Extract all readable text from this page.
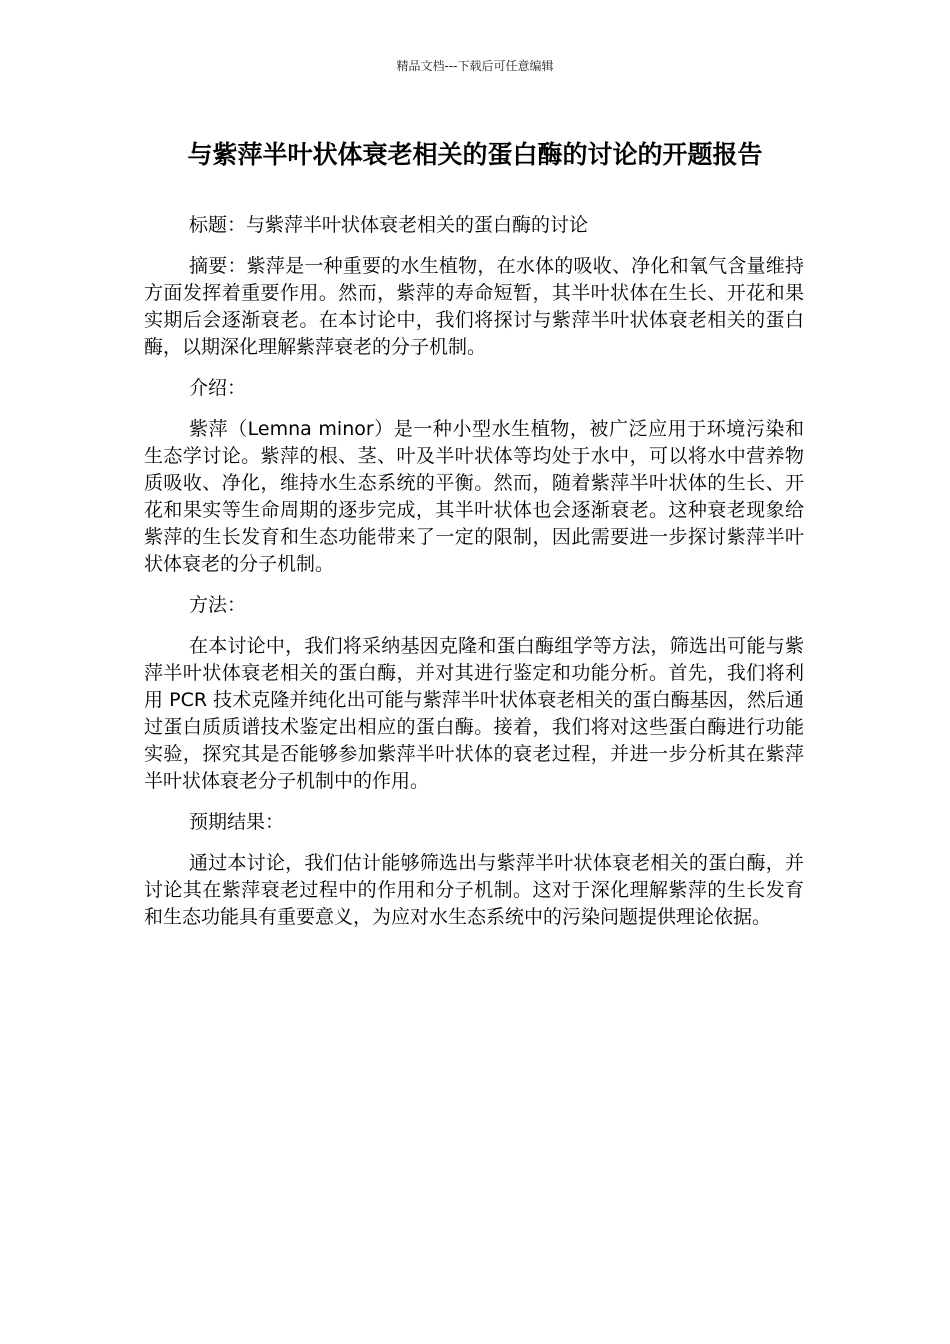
精品文档---下载后可任意编辑
与紫萍半叶状体衰老相关的蛋白酶的讨论的开题报告

标题：与紫萍半叶状体衰老相关的蛋白酶的讨论

摘要：紫萍是一种重要的水生植物，在水体的吸收、净化和氧气含量维持方面发挥着重要作用。然而，紫萍的寿命短暂，其半叶状体在生长、开花和果实期后会逐渐衰老。在本讨论中，我们将探讨与紫萍半叶状体衰老相关的蛋白酶，以期深化理解紫萍衰老的分子机制。

介绍：

紫萍（Lemna minor）是一种小型水生植物，被广泛应用于环境污染和生态学讨论。紫萍的根、茎、叶及半叶状体等均处于水中，可以将水中营养物质吸收、净化，维持水生态系统的平衡。然而，随着紫萍半叶状体的生长、开花和果实等生命周期的逐步完成，其半叶状体也会逐渐衰老。这种衰老现象给紫萍的生长发育和生态功能带来了一定的限制，因此需要进一步探讨紫萍半叶状体衰老的分子机制。

方法：

在本讨论中，我们将采纳基因克隆和蛋白酶组学等方法，筛选出可能与紫萍半叶状体衰老相关的蛋白酶，并对其进行鉴定和功能分析。首先，我们将利用 PCR 技术克隆并纯化出可能与紫萍半叶状体衰老相关的蛋白酶基因，然后通过蛋白质质谱技术鉴定出相应的蛋白酶。接着，我们将对这些蛋白酶进行功能实验，探究其是否能够参加紫萍半叶状体的衰老过程，并进一步分析其在紫萍半叶状体衰老分子机制中的作用。

预期结果：

通过本讨论，我们估计能够筛选出与紫萍半叶状体衰老相关的蛋白酶，并讨论其在紫萍衰老过程中的作用和分子机制。这对于深化理解紫萍的生长发育和生态功能具有重要意义，为应对水生态系统中的污染问题提供理论依据。
